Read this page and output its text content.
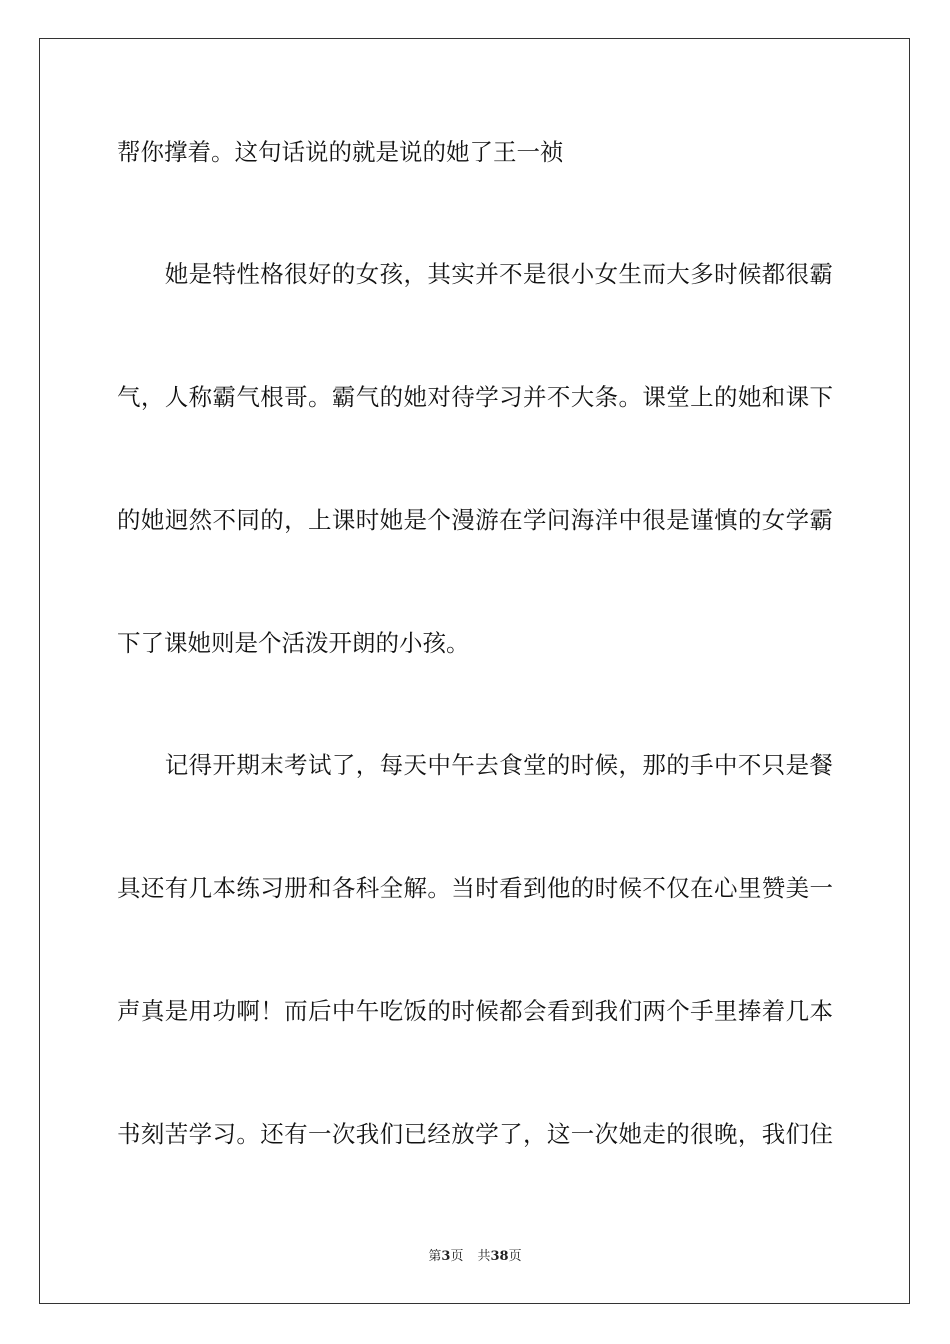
帮你撑着。这句话说的就是说的她了王一祯
　　她是特性格很好的女孩，其实并不是很小女生而大多时候都很霸
气，人称霸气根哥。霸气的她对待学习并不大条。课堂上的她和课下
的她迥然不同的，上课时她是个漫游在学问海洋中很是谨慎的女学霸
下了课她则是个活泼开朗的小孩。
　　记得开期末考试了，每天中午去食堂的时候，那的手中不只是餐
具还有几本练习册和各科全解。当时看到他的时候不仅在心里赞美一
声真是用功啊！而后中午吃饭的时候都会看到我们两个手里捧着几本
书刻苦学习。还有一次我们已经放学了，这一次她走的很晚，我们住
第3页 共38页
